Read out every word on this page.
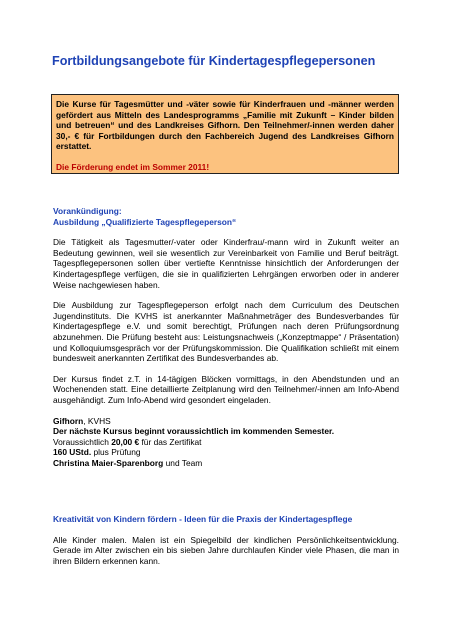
Fortbildungsangebote für Kindertagespflegepersonen

Die Kurse für Tagesmütter und -väter sowie für Kinderfrauen und -männer werden gefördert aus Mitteln des Landesprogramms „Familie mit Zukunft – Kinder bilden und betreuen“ und des Landkreises Gifhorn. Den Teilnehmer/-innen werden daher 30,- € für Fortbildungen durch den Fachbereich Jugend des Landkreises Gifhorn erstattet.

Die Förderung endet im Sommer 2011!

Vorankündigung:

Ausbildung „Qualifizierte Tagespflegeperson“

Die Tätigkeit als Tagesmutter/-vater oder Kinderfrau/-mann wird in Zukunft weiter an Bedeutung gewinnen, weil sie wesentlich zur Vereinbarkeit von Familie und Beruf beiträgt. Tagespflegepersonen sollen über vertiefte Kenntnisse hinsichtlich der Anforderungen der Kindertagespflege verfügen, die sie in qualifizierten Lehrgängen erworben oder in anderer Weise nachgewiesen haben.

Die Ausbildung zur Tagespflegeperson erfolgt nach dem Curriculum des Deutschen Jugendinstituts. Die KVHS ist anerkannter Maßnahmeträger des Bundesverbandes für Kindertagespflege e.V. und somit berechtigt, Prüfungen nach deren Prüfungsordnung abzunehmen. Die Prüfung besteht aus: Leistungsnachweis („Konzeptmappe“ / Präsentation) und Kolloquiumsgespräch vor der Prüfungskommission. Die Qualifikation schließt mit einem bundesweit anerkannten Zertifikat des Bundesverbandes ab.

Der Kursus findet z.T. in 14-tägigen Blöcken vormittags, in den Abendstunden und an Wochenenden statt. Eine detaillierte Zeitplanung wird den Teilnehmer/-innen am Info-Abend ausgehändigt. Zum Info-Abend wird gesondert eingeladen.

Gifhorn, KVHS

Der nächste Kursus beginnt voraussichtlich im kommenden Semester.

Voraussichtlich 20,00 € für das Zertifikat

160 UStd. plus Prüfung

Christina Maier-Sparenborg und Team

Kreativität von Kindern fördern - Ideen für die Praxis der Kindertagespflege

Alle Kinder malen. Malen ist ein Spiegelbild der kindlichen Persönlichkeitsentwicklung. Gerade im Alter zwischen ein bis sieben Jahre durchlaufen Kinder viele Phasen, die man in ihren Bildern erkennen kann.
